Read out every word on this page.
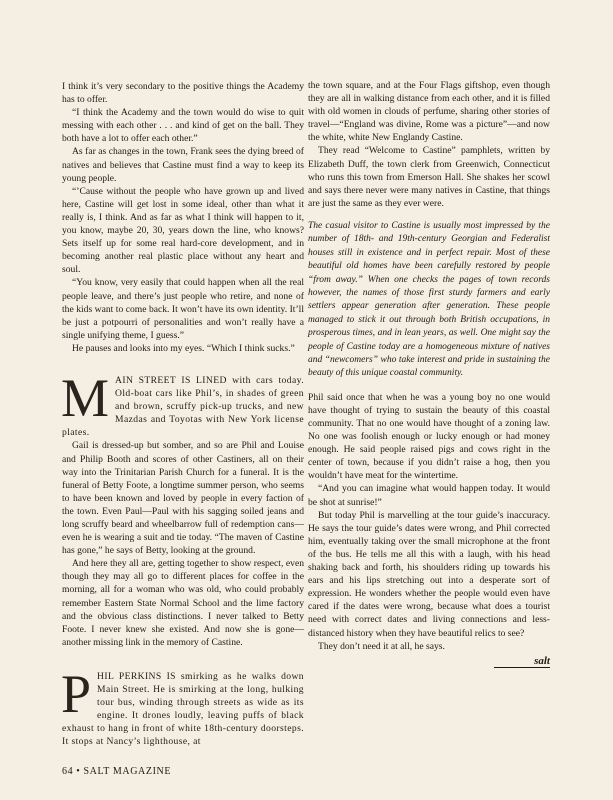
I think it’s very secondary to the positive things the Academy has to offer.

“I think the Academy and the town would do wise to quit messing with each other . . . and kind of get on the ball. They both have a lot to offer each other.”

As far as changes in the town, Frank sees the dying breed of natives and believes that Castine must find a way to keep its young people.

“’Cause without the people who have grown up and lived here, Castine will get lost in some ideal, other than what it really is, I think. And as far as what I think will happen to it, you know, maybe 20, 30, years down the line, who knows? Sets itself up for some real hard-core development, and in becoming another real plastic place without any heart and soul.

“You know, very easily that could happen when all the real people leave, and there’s just people who retire, and none of the kids want to come back. It won’t have its own identity. It’ll be just a potpourri of personalities and won’t really have a single unifying theme, I guess.”

He pauses and looks into my eyes. “Which I think sucks.”

MAIN STREET IS LINED with cars today. Old-boat cars like Phil’s, in shades of green and brown, scruffy pick-up trucks, and new Mazdas and Toyotas with New York license plates.

Gail is dressed-up but somber, and so are Phil and Louise and Philip Booth and scores of other Castiners, all on their way into the Trinitarian Parish Church for a funeral. It is the funeral of Betty Foote, a longtime summer person, who seems to have been known and loved by people in every faction of the town. Even Paul—Paul with his sagging soiled jeans and long scruffy beard and wheelbarrow full of redemption cans—even he is wearing a suit and tie today. “The maven of Castine has gone,” he says of Betty, looking at the ground.

And here they all are, getting together to show respect, even though they may all go to different places for coffee in the morning, all for a woman who was old, who could probably remember Eastern State Normal School and the lime factory and the obvious class distinctions. I never talked to Betty Foote. I never knew she existed. And now she is gone—another missing link in the memory of Castine.

PHIL PERKINS IS smirking as he walks down Main Street. He is smirking at the long, hulking tour bus, winding through streets as wide as its engine. It drones loudly, leaving puffs of black exhaust to hang in front of white 18th-century doorsteps. It stops at Nancy’s lighthouse, at

the town square, and at the Four Flags giftshop, even though they are all in walking distance from each other, and it is filled with old women in clouds of perfume, sharing other stories of travel—“England was divine, Rome was a picture”—and now the white, white New Englandy Castine.

They read “Welcome to Castine” pamphlets, written by Elizabeth Duff, the town clerk from Greenwich, Connecticut who runs this town from Emerson Hall. She shakes her scowl and says there never were many natives in Castine, that things are just the same as they ever were.

The casual visitor to Castine is usually most impressed by the number of 18th- and 19th-century Georgian and Federalist houses still in existence and in perfect repair. Most of these beautiful old homes have been carefully restored by people “from away.” When one checks the pages of town records however, the names of those first sturdy farmers and early settlers appear generation after generation. These people managed to stick it out through both British occupations, in prosperous times, and in lean years, as well. One might say the people of Castine today are a homogeneous mixture of natives and “newcomers” who take interest and pride in sustaining the beauty of this unique coastal community.

Phil said once that when he was a young boy no one would have thought of trying to sustain the beauty of this coastal community. That no one would have thought of a zoning law. No one was foolish enough or lucky enough or had money enough. He said people raised pigs and cows right in the center of town, because if you didn’t raise a hog, then you wouldn’t have meat for the wintertime.

“And you can imagine what would happen today. It would be shot at sunrise!”

But today Phil is marvelling at the tour guide’s inaccuracy. He says the tour guide’s dates were wrong, and Phil corrected him, eventually taking over the small microphone at the front of the bus. He tells me all this with a laugh, with his head shaking back and forth, his shoulders riding up towards his ears and his lips stretching out into a desperate sort of expression. He wonders whether the people would even have cared if the dates were wrong, because what does a tourist need with correct dates and living connections and less-distanced history when they have beautiful relics to see?

They don’t need it at all, he says.

salt
64 • SALT MAGAZINE
